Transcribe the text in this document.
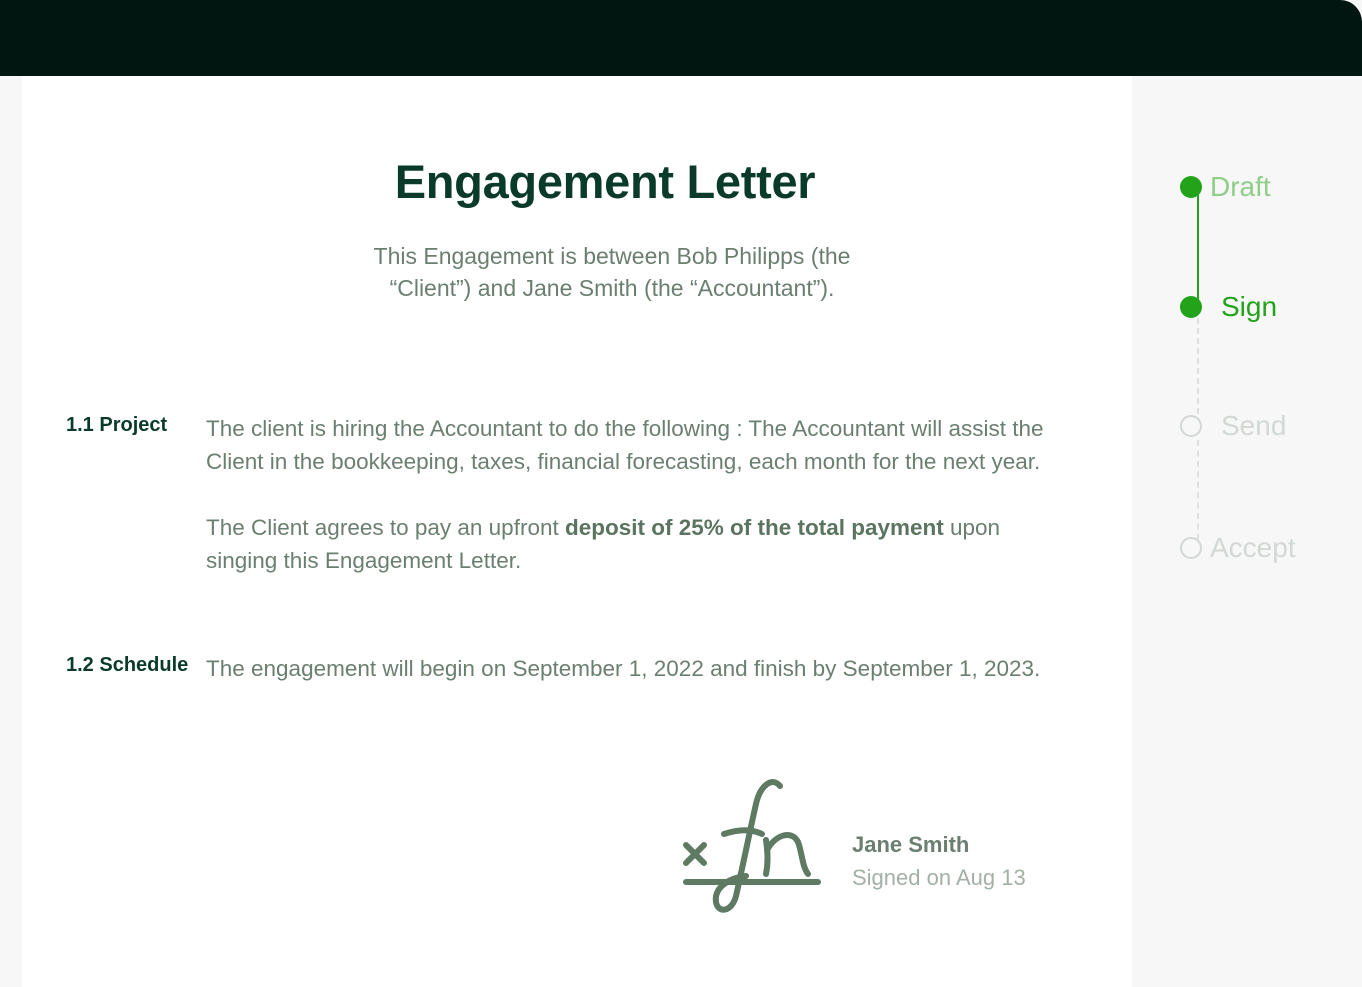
Engagement Letter
This Engagement is between Bob Philipps (the
“Client”) and Jane Smith (the “Accountant”).
1.1 Project The client is hiring the Accountant to do the following : The Accountant will assist the Client in the bookkeeping, taxes, financial forecasting, each month for the next year.
The Client agrees to pay an upfront deposit of 25% of the total payment upon singing this Engagement Letter.
1.2 Schedule The engagement will begin on September 1, 2022 and finish by September 1, 2023.
Jane Smith
Signed on Aug 13
Draft
Sign
Send
Accept
